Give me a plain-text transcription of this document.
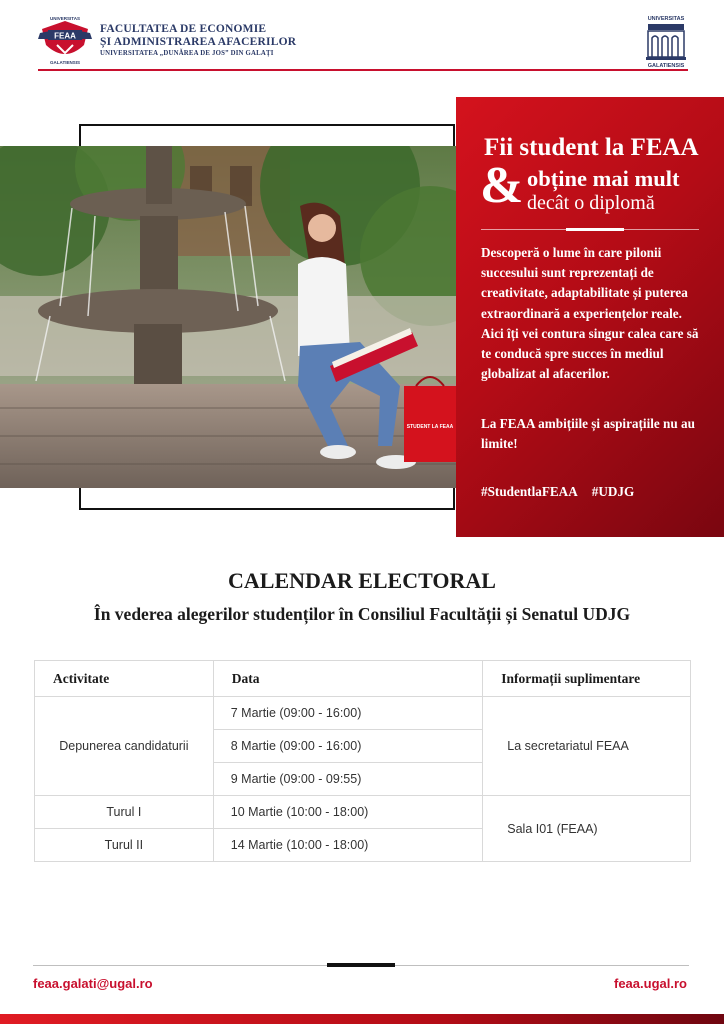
UNIVERSITAS
FEAA
GALATIENSIS
FACULTATEA DE ECONOMIE
ȘI ADMINISTRAREA AFACERILOR
UNIVERSITATEA „DUNĂREA DE JOS” DIN GALAȚI
UNIVERSITAS
GALATIENSIS
STUDENT LA FEAA
Fii student la FEAA
& obține mai mult
decât o diplomă
Descoperă o lume în care pilonii succesului sunt reprezentați de creativitate, adaptabilitate și puterea extraordinară a experiențelor reale. Aici îți vei contura singur calea care să te conducă spre succes în mediul globalizat al afacerilor.
La FEAA ambițiile și aspirațiile nu au limite!
#StudentlaFEAA #UDJG
CALENDAR ELECTORAL
În vederea alegerilor studenților în Consiliul Facultății și Senatul UDJG
Activitate	Data	Informații suplimentare
Depunerea candidaturii	7 Martie (09:00 - 16:00)	La secretariatul FEAA
	8 Martie (09:00 - 16:00)	
	9 Martie (09:00 - 09:55)	
Turul I	10 Martie (10:00 - 18:00)	Sala I01 (FEAA)
Turul II	14 Martie (10:00 - 18:00)	
feaa.galati@ugal.ro	feaa.ugal.ro
